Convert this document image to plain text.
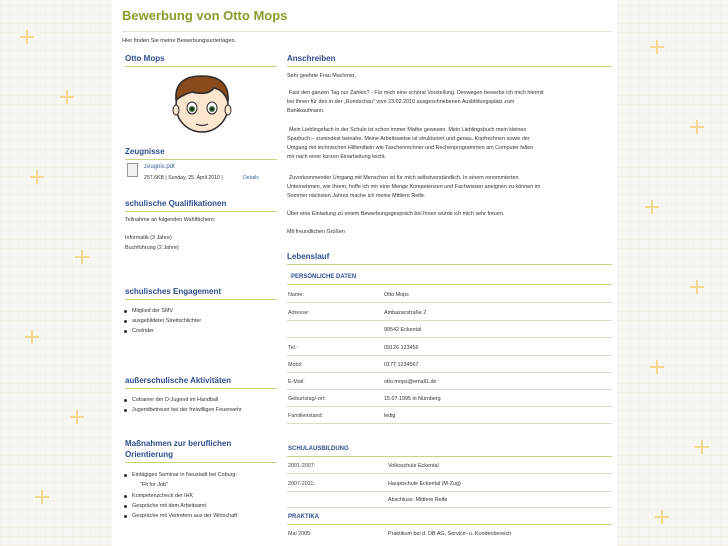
Bewerbung von Otto Mops
Hier finden Sie meine Bewerbungsunterlagen.
Otto Mops
Zeugnisse
zeugnis.pdf
257,6KB | Sunday, 25. April 2010 |	Details
schulische Qualifikationen
Teilnahme an folgenden Wahlfächern:
Informatik (3 Jahre)
Buchführung (2 Jahre)
schulisches Engagement
Mitglied der SMV
ausgebildeter Streitschlichter
Coolrider
außerschulische Aktivitäten
Cotrainer der D-Jugend im Handball
Jugendbetreuer bei der freiwilligen Feuerwehr
Maßnahmen zur beruflichen
Orientierung
Eintägiges Seminar in Neustadt bei Coburg:
"Fit for Job"
Kompetenzcheck der IHK
Gespräche mit dem Arbeitsamt
Gespräche mit Vertretern aus der Wirtschaft
Anschreiben
Sehr geehrte Frau Machmer,
Fast den ganzen Tag nur Zahlen? - Für mich eine schöne Vorstellung. Deswegen bewerbe ich mich hiermit
bei Ihnen für den in der „Rundschau" vom 23.02.2010 ausgeschriebenen Ausbildungsplatz zum
Bankkaufmann.
Mein Lieblingsfach in der Schule ist schon immer Mathe gewesen. Mein Lieblingsbuch mein kleines
Sparbuch – zumindest beinahe. Meine Arbeitsweise ist strukturiert und genau. Kopfrechnen sowie der
Umgang mit technischen Hilfsmitteln wie Taschenrechner und Rechenprogrammen am Computer fallen
mir nach einer kurzen Einarbeitung leicht.
Zuvorkommender Umgang mit Menschen ist für mich selbstverständlich. In einem renommierten
Unternehmen, wie Ihrem, hoffe ich mir eine Menge Kompetenzen und Fachwissen aneignen zu können im
Sommer nächsten Jahres mache ich meine Mittlere Reife.
Über eine Einladung zu einem Bewerbungsgespräch bei Ihnen würde ich mich sehr freuen.
Mit freundlichen Grüßen
Lebenslauf
PERSÖNLICHE DATEN
Name:	Otto Mops
Adresse:	Ambazacstraße 2
90542 Eckental
Tel.:	09126 123456
Mobil:	0177 1234567
E-Mail:	otto.mops@email1.de
Geburtstag/-ort:	15.07.1995 in Nürnberg
Familienstand:	ledig
SCHULAUSBILDUNG
2001-2007:	Volksschule Eckental
2007-2011:	Hauptschule Eckental (M-Zug)
Abschluss: Mittlere Reife
PRAKTIKA
Mai 2005:	Praktikum bei d. DB AG, Service- u. Kundenbereich
